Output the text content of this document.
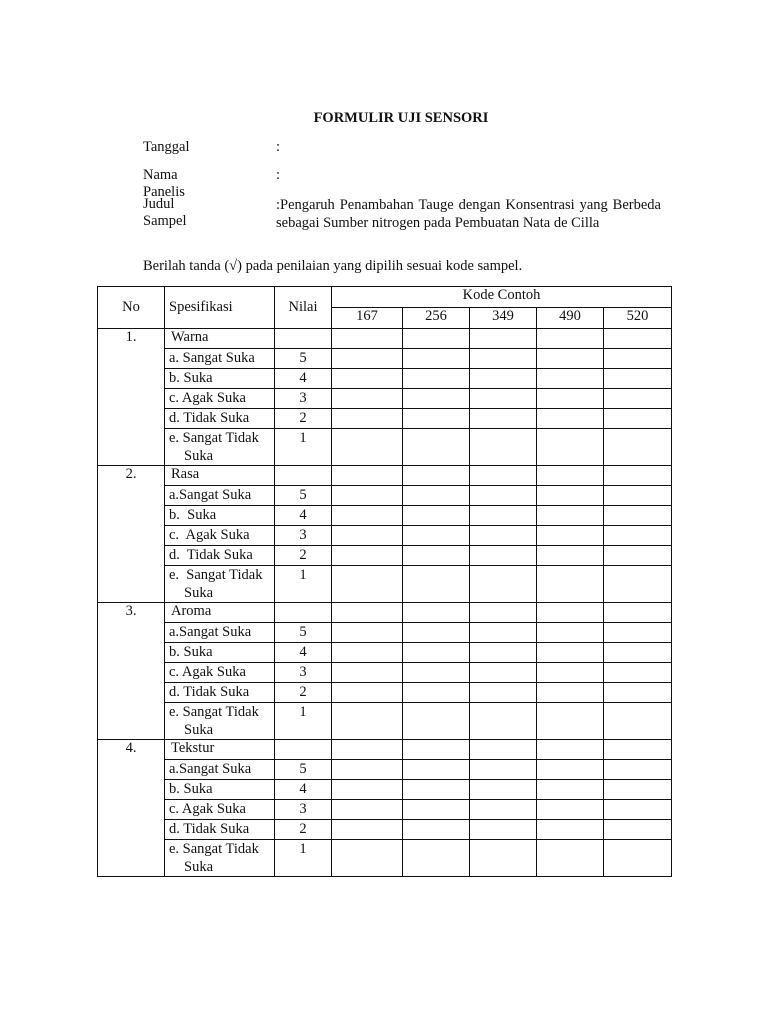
FORMULIR UJI SENSORI
Tanggal	:
Nama Panelis
:
Judul Sampel
:Pengaruh Penambahan Tauge dengan Konsentrasi yang Berbeda sebagai Sumber nitrogen pada Pembuatan Nata de Cilla
Berilah tanda (√) pada penilaian yang dipilih sesuai kode sampel.
No	Spesifikasi	Nilai	Kode Contoh				
			167	256	349	490	520
1.	Warna						
	a. Sangat Suka	5					
	b. Suka	4					
	c. Agak Suka	3					
	d. Tidak Suka	2					
	e. Sangat Tidak
Suka	1					
2.	Rasa						
	a.Sangat Suka	5					
	b.  Suka	4					
	c.  Agak Suka	3					
	d.  Tidak Suka	2					
	e.  Sangat Tidak
Suka	1					
3.	Aroma						
	a.Sangat Suka	5					
	b. Suka	4					
	c. Agak Suka	3					
	d. Tidak Suka	2					
	e. Sangat Tidak
Suka	1					
4.	Tekstur						
	a.Sangat Suka	5					
	b. Suka	4					
	c. Agak Suka	3					
	d. Tidak Suka	2					
	e. Sangat Tidak
Suka	1					
